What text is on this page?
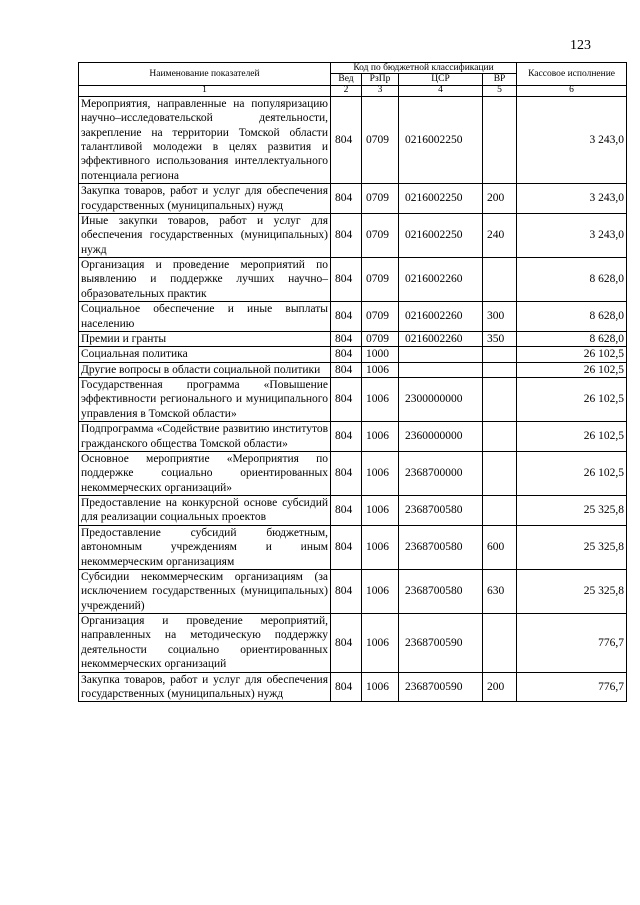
123
Наименование показателей	Код по бюджетной классификации				Кассовое исполнение
	Вед	РзПр	ЦСР	ВР	
1	2	3	4	5	6
Мероприятия, направленные на популяризацию научно–исследовательской деятельности, закрепление на территории Томской области талантливой молодежи в целях развития и эффективного использования интеллектуального потенциала региона	804	0709	0216002250		3 243,0
Закупка товаров, работ и услуг для обеспечения государственных (муниципальных) нужд	804	0709	0216002250	200	3 243,0
Иные закупки товаров, работ и услуг для обеспечения государственных (муниципальных) нужд	804	0709	0216002250	240	3 243,0
Организация и проведение мероприятий по выявлению и поддержке лучших научно–образовательных практик	804	0709	0216002260		8 628,0
Социальное обеспечение и иные выплаты населению	804	0709	0216002260	300	8 628,0
Премии и гранты	804	0709	0216002260	350	8 628,0
Социальная политика	804	1000			26 102,5
Другие вопросы в области социальной политики	804	1006			26 102,5
Государственная программа «Повышение эффективности регионального и муниципального управления в Томской области»	804	1006	2300000000		26 102,5
Подпрограмма «Содействие развитию институтов гражданского общества Томской области»	804	1006	2360000000		26 102,5
Основное мероприятие «Мероприятия по поддержке социально ориентированных некоммерческих организаций»	804	1006	2368700000		26 102,5
Предоставление на конкурсной основе субсидий для реализации социальных проектов	804	1006	2368700580		25 325,8
Предоставление субсидий бюджетным, автономным учреждениям и иным некоммерческим организациям	804	1006	2368700580	600	25 325,8
Субсидии некоммерческим организациям (за исключением государственных (муниципальных) учреждений)	804	1006	2368700580	630	25 325,8
Организация и проведение мероприятий, направленных на методическую поддержку деятельности социально ориентированных некоммерческих организаций	804	1006	2368700590		776,7
Закупка товаров, работ и услуг для обеспечения государственных (муниципальных) нужд	804	1006	2368700590	200	776,7
